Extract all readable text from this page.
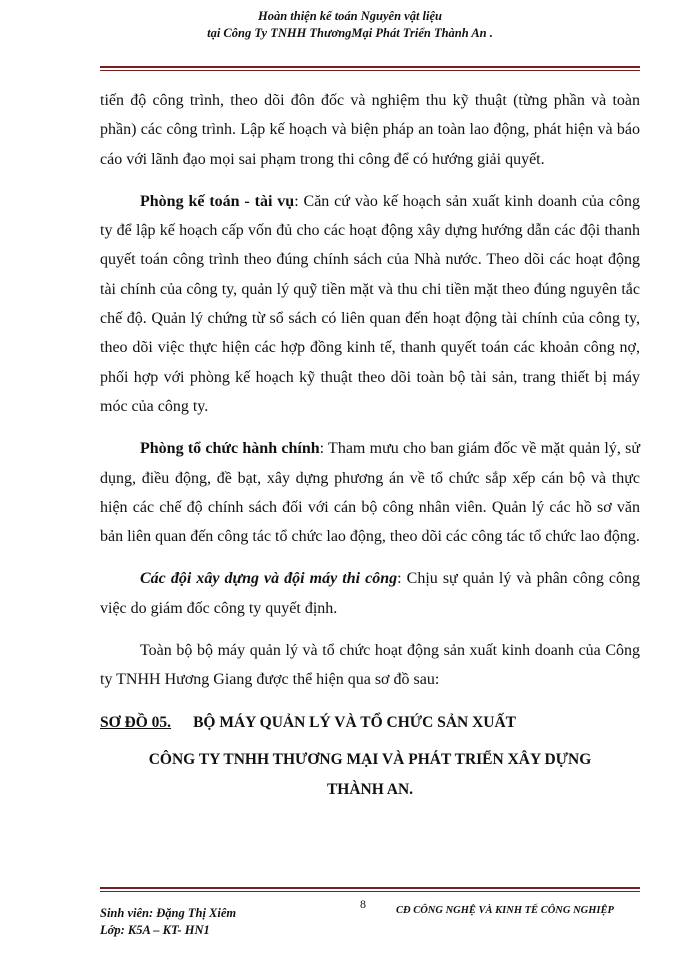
Hoàn thiện kế toán Nguyên vật liệu
tại Công Ty TNHH ThươngMại Phát Triển Thành An .

tiến độ công trình, theo dõi đôn đốc và nghiệm thu kỹ thuật (từng phần và toàn phần) các công trình. Lập kế hoạch và biện pháp an toàn lao động, phát hiện và báo cáo với lãnh đạo mọi sai phạm trong thi công để có hướng giải quyết.

Phòng kế toán - tài vụ: Căn cứ vào kế hoạch sản xuất kinh doanh của công ty để lập kế hoạch cấp vốn đủ cho các hoạt động xây dựng hướng dẫn các đội thanh quyết toán công trình theo đúng chính sách của Nhà nước. Theo dõi các hoạt động tài chính của công ty, quản lý quỹ tiền mặt và thu chi tiền mặt theo đúng nguyên tắc chế độ. Quản lý chứng từ sổ sách có liên quan đến hoạt động tài chính của công ty, theo dõi việc thực hiện các hợp đồng kinh tế, thanh quyết toán các khoản công nợ, phối hợp với phòng kế hoạch kỹ thuật theo dõi toàn bộ tài sản, trang thiết bị máy móc của công ty.

Phòng tổ chức hành chính: Tham mưu cho ban giám đốc về mặt quản lý, sử dụng, điều động, đề bạt, xây dựng phương án về tổ chức sắp xếp cán bộ và thực hiện các chế độ chính sách đối với cán bộ công nhân viên. Quản lý các hồ sơ văn bản liên quan đến công tác tổ chức lao động, theo dõi các công tác tổ chức lao động.

Các đội xây dựng và đội máy thi công: Chịu sự quản lý và phân công công việc do giám đốc công ty quyết định.

Toàn bộ bộ máy quản lý và tổ chức hoạt động sản xuất kinh doanh của Công ty TNHH Hương Giang được thể hiện qua sơ đồ sau:

SƠ ĐỒ 05. BỘ MÁY QUẢN LÝ VÀ TỔ CHỨC SẢN XUẤT
CÔNG TY TNHH THƯƠNG MẠI VÀ PHÁT TRIỂN XÂY DỰNG THÀNH AN.
8
Sinh viên: Đặng Thị Xiêm
Lớp: K5A – KT- HN1
CĐ CÔNG NGHỆ VÀ KINH TẾ CÔNG NGHIỆP
